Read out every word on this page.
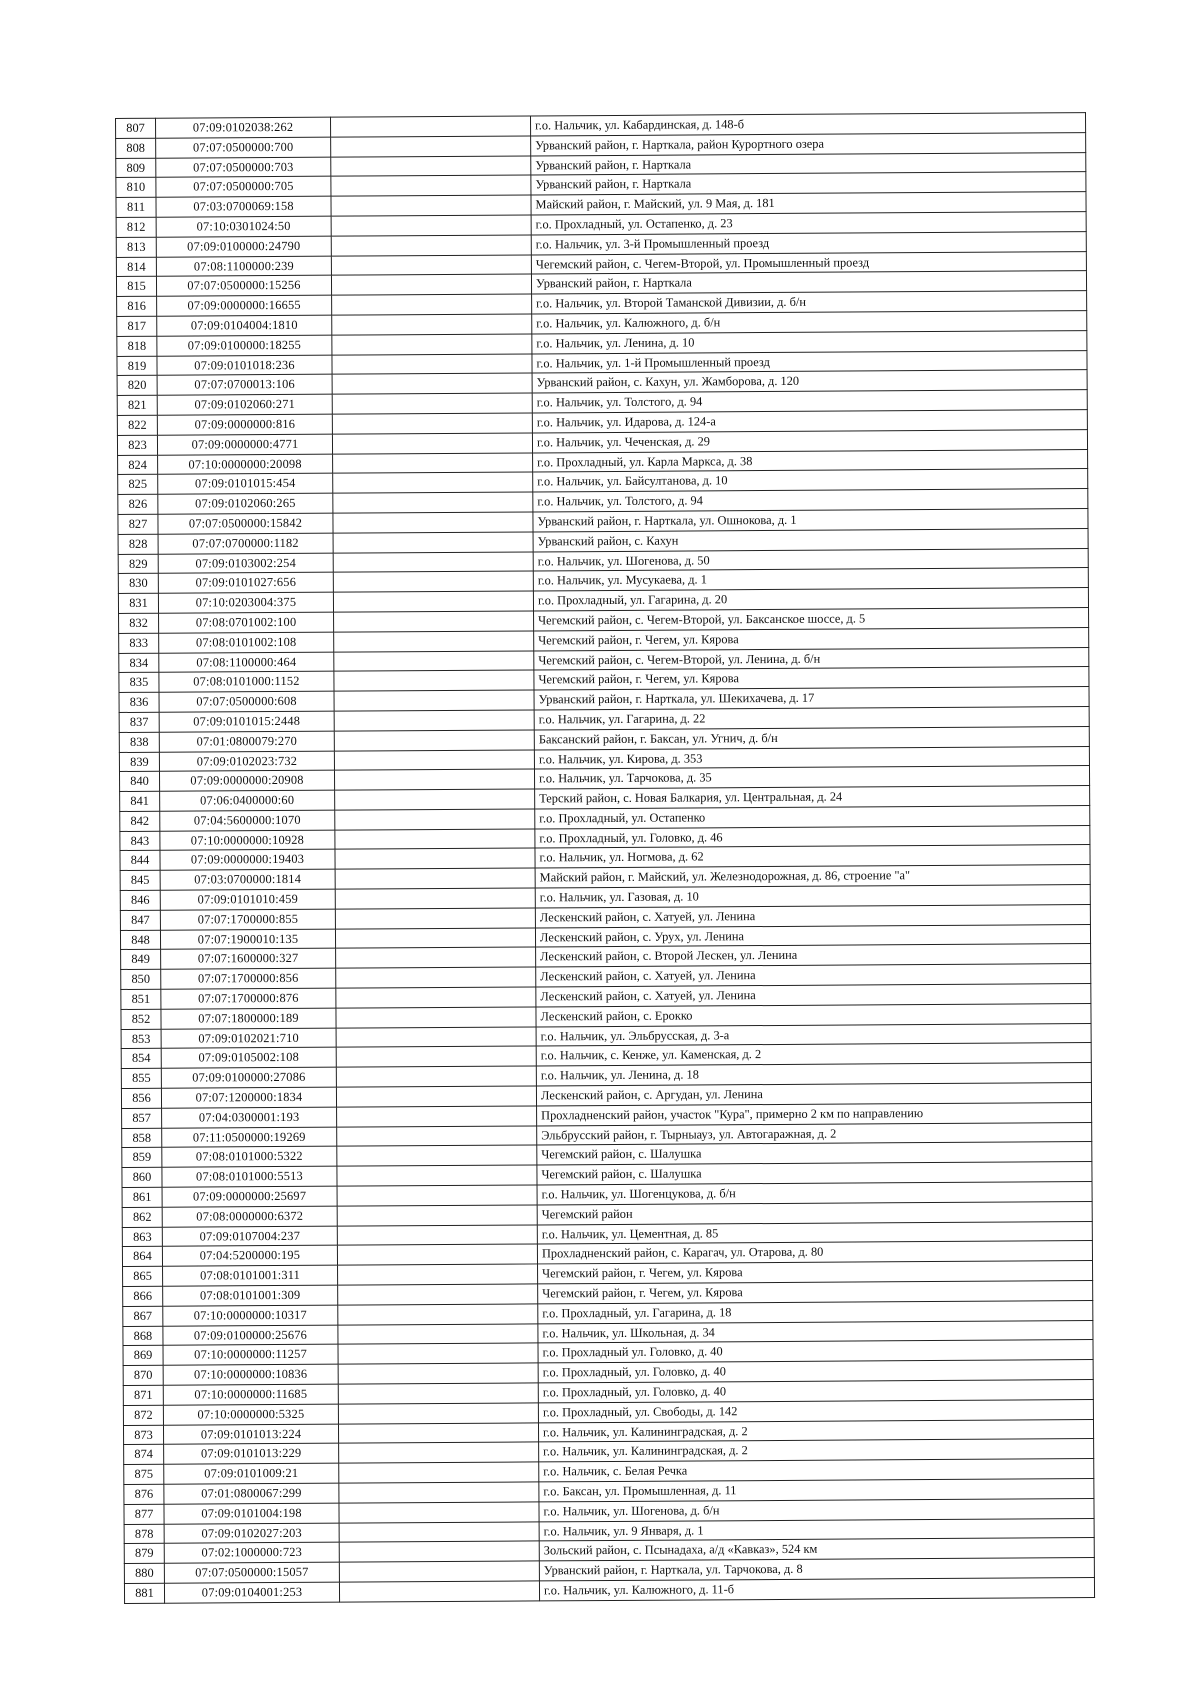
807	07:09:0102038:262		г.о. Нальчик, ул. Кабардинская, д. 148-б
808	07:07:0500000:700		Урванский район, г. Нарткала, район Курортного озера
809	07:07:0500000:703		Урванский район, г. Нарткала
810	07:07:0500000:705		Урванский район, г. Нарткала
811	07:03:0700069:158		Майский район, г. Майский, ул. 9 Мая, д. 181
812	07:10:0301024:50		г.о. Прохладный, ул. Остапенко, д. 23
813	07:09:0100000:24790		г.о. Нальчик, ул. 3-й Промышленный проезд
814	07:08:1100000:239		Чегемский район, с. Чегем-Второй, ул. Промышленный проезд
815	07:07:0500000:15256		Урванский район, г. Нарткала
816	07:09:0000000:16655		г.о. Нальчик, ул. Второй Таманской Дивизии, д. б/н
817	07:09:0104004:1810		г.о. Нальчик, ул. Калюжного, д. б/н
818	07:09:0100000:18255		г.о. Нальчик, ул. Ленина, д. 10
819	07:09:0101018:236		г.о. Нальчик, ул. 1-й Промышленный проезд
820	07:07:0700013:106		Урванский район, с. Кахун, ул. Жамборова, д. 120
821	07:09:0102060:271		г.о. Нальчик, ул. Толстого, д. 94
822	07:09:0000000:816		г.о. Нальчик, ул. Идарова, д. 124-а
823	07:09:0000000:4771		г.о. Нальчик, ул. Чеченская, д. 29
824	07:10:0000000:20098		г.о. Прохладный, ул. Карла Маркса, д. 38
825	07:09:0101015:454		г.о. Нальчик, ул. Байсултанова, д. 10
826	07:09:0102060:265		г.о. Нальчик, ул. Толстого, д. 94
827	07:07:0500000:15842		Урванский район, г. Нарткала, ул. Ошнокова, д. 1
828	07:07:0700000:1182		Урванский район, с. Кахун
829	07:09:0103002:254		г.о. Нальчик, ул. Шогенова, д. 50
830	07:09:0101027:656		г.о. Нальчик, ул. Мусукаева, д. 1
831	07:10:0203004:375		г.о. Прохладный, ул. Гагарина, д. 20
832	07:08:0701002:100		Чегемский район, с. Чегем-Второй, ул. Баксанское шоссе, д. 5
833	07:08:0101002:108		Чегемский район, г. Чегем, ул. Кярова
834	07:08:1100000:464		Чегемский район, с. Чегем-Второй, ул. Ленина, д. б/н
835	07:08:0101000:1152		Чегемский район, г. Чегем, ул. Кярова
836	07:07:0500000:608		Урванский район, г. Нарткала, ул. Шекихачева, д. 17
837	07:09:0101015:2448		г.о. Нальчик, ул. Гагарина, д. 22
838	07:01:0800079:270		Баксанский район, г. Баксан, ул. Угнич, д. б/н
839	07:09:0102023:732		г.о. Нальчик, ул. Кирова, д. 353
840	07:09:0000000:20908		г.о. Нальчик, ул. Тарчокова, д. 35
841	07:06:0400000:60		Терский район, с. Новая Балкария, ул. Центральная, д. 24
842	07:04:5600000:1070		г.о. Прохладный, ул. Остапенко
843	07:10:0000000:10928		г.о. Прохладный, ул. Головко, д. 46
844	07:09:0000000:19403		г.о. Нальчик, ул. Ногмова, д. 62
845	07:03:0700000:1814		Майский район, г. Майский, ул. Железнодорожная, д. 86, строение "а"
846	07:09:0101010:459		г.о. Нальчик, ул. Газовая, д. 10
847	07:07:1700000:855		Лескенский район, с. Хатуей, ул. Ленина
848	07:07:1900010:135		Лескенский район, с. Урух, ул. Ленина
849	07:07:1600000:327		Лескенский район, с. Второй Лескен, ул. Ленина
850	07:07:1700000:856		Лескенский район, с. Хатуей, ул. Ленина
851	07:07:1700000:876		Лескенский район, с. Хатуей, ул. Ленина
852	07:07:1800000:189		Лескенский район, с. Ерокко
853	07:09:0102021:710		г.о. Нальчик, ул. Эльбрусская, д. 3-а
854	07:09:0105002:108		г.о. Нальчик, с. Кенже, ул. Каменская, д. 2
855	07:09:0100000:27086		г.о. Нальчик, ул. Ленина, д. 18
856	07:07:1200000:1834		Лескенский район, с. Аргудан, ул. Ленина
857	07:04:0300001:193		Прохладненский район, участок "Кура", примерно 2 км по направлению
858	07:11:0500000:19269		Эльбрусский район, г. Тырныауз, ул. Автогаражная, д. 2
859	07:08:0101000:5322		Чегемский район, с. Шалушка
860	07:08:0101000:5513		Чегемский район, с. Шалушка
861	07:09:0000000:25697		г.о. Нальчик, ул. Шогенцукова, д. б/н
862	07:08:0000000:6372		Чегемский район
863	07:09:0107004:237		г.о. Нальчик, ул. Цементная, д. 85
864	07:04:5200000:195		Прохладненский район, с. Карагач, ул. Отарова, д. 80
865	07:08:0101001:311		Чегемский район, г. Чегем, ул. Кярова
866	07:08:0101001:309		Чегемский район, г. Чегем, ул. Кярова
867	07:10:0000000:10317		г.о. Прохладный, ул. Гагарина, д. 18
868	07:09:0100000:25676		г.о. Нальчик, ул. Школьная, д. 34
869	07:10:0000000:11257		г.о. Прохладный ул. Головко, д. 40
870	07:10:0000000:10836		г.о. Прохладный, ул. Головко, д. 40
871	07:10:0000000:11685		г.о. Прохладный, ул. Головко, д. 40
872	07:10:0000000:5325		г.о. Прохладный, ул. Свободы, д. 142
873	07:09:0101013:224		г.о. Нальчик, ул. Калининградская, д. 2
874	07:09:0101013:229		г.о. Нальчик, ул. Калининградская, д. 2
875	07:09:0101009:21		г.о. Нальчик, с. Белая Речка
876	07:01:0800067:299		г.о. Баксан, ул. Промышленная, д. 11
877	07:09:0101004:198		г.о. Нальчик, ул. Шогенова, д. б/н
878	07:09:0102027:203		г.о. Нальчик, ул. 9 Января, д. 1
879	07:02:1000000:723		Зольский район, с. Псынадаха, а/д «Кавказ», 524 км
880	07:07:0500000:15057		Урванский район, г. Нарткала, ул. Тарчокова, д. 8
881	07:09:0104001:253		г.о. Нальчик, ул. Калюжного, д. 11-б
